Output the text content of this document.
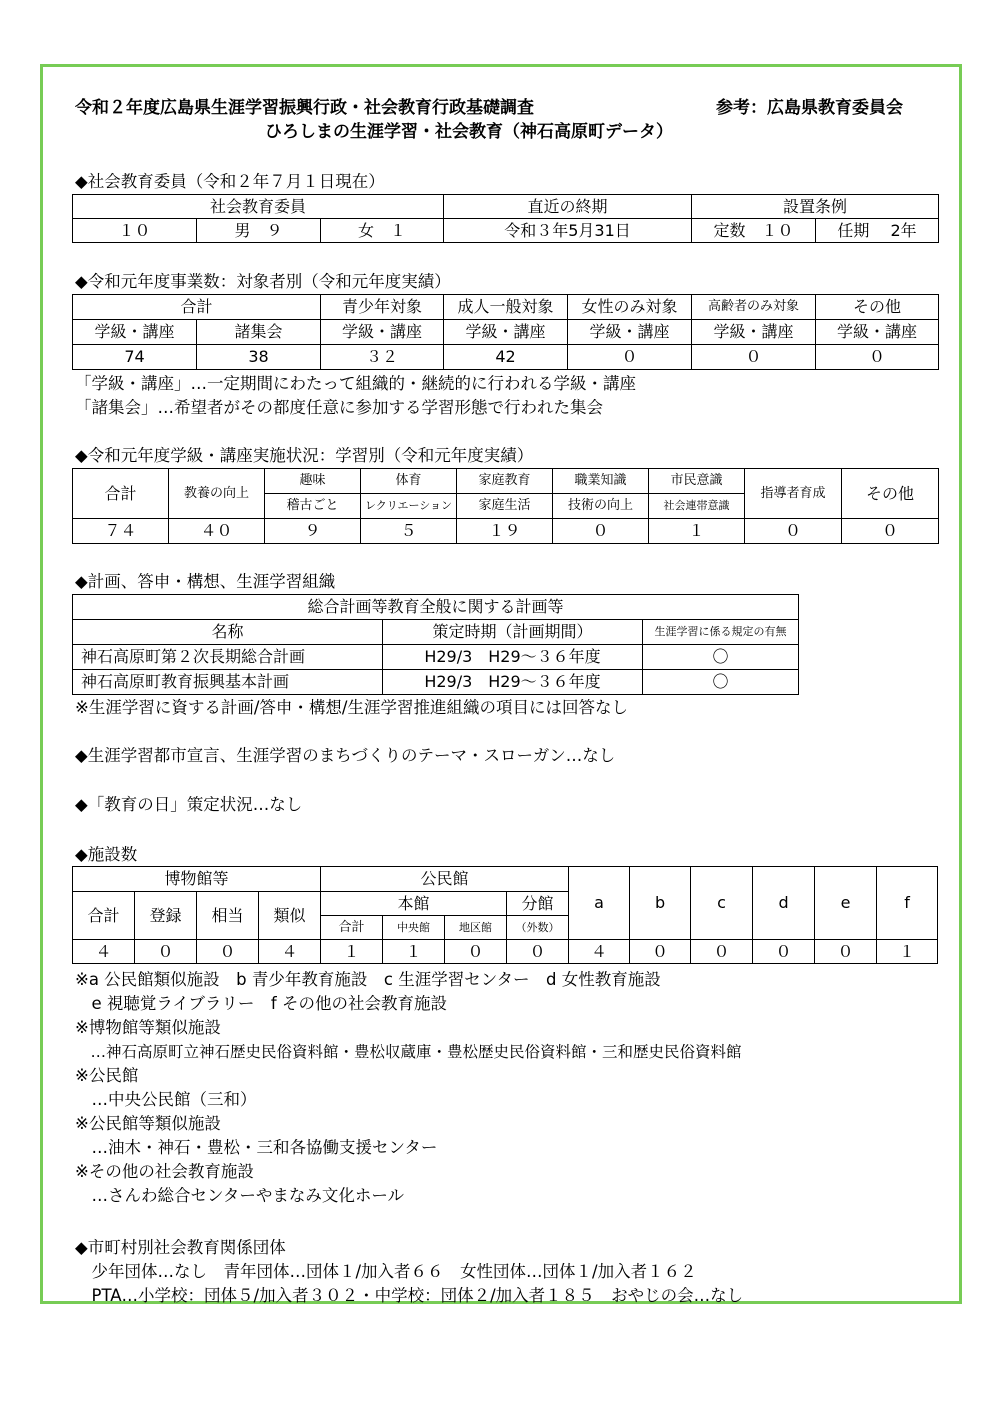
令和２年度広島県生涯学習振興行政・社会教育行政基礎調査	参考：広島県教育委員会
ひろしまの生涯学習・社会教育（神石高原町データ）
◆社会教育委員（令和２年７月１日現在）
社会教育委員			直近の終期	設置条例	
１０	男　９	女　１	令和３年5月31日	定数　１０	任期　 2年
◆令和元年度事業数：対象者別（令和元年度実績）
合計		青少年対象	成人一般対象	女性のみ対象	高齢者のみ対象	その他
学級・講座	諸集会	学級・講座	学級・講座	学級・講座	学級・講座	学級・講座
74	38	３２	42	０	０	０
「学級・講座」…一定期間にわたって組織的・継続的に行われる学級・講座
「諸集会」…希望者がその都度任意に参加する学習形態で行われた集会
◆令和元年度学級・講座実施状況：学習別（令和元年度実績）
合計	教養の向上	趣味	体育	家庭教育	職業知識	市民意識	指導者育成	その他
		稽古ごと	レクリエーション	家庭生活	技術の向上	社会連帯意識		
７４	４０	９	５	１９	０	１	０	０
◆計画、答申・構想、生涯学習組織
総合計画等教育全般に関する計画等		
名称	策定時期（計画期間）	生涯学習に係る規定の有無
神石高原町第２次長期総合計画	H29/3　H29～３６年度	〇
神石高原町教育振興基本計画	H29/3　H29～３６年度	〇
※生涯学習に資する計画/答申・構想/生涯学習推進組織の項目には回答なし
◆生涯学習都市宣言、生涯学習のまちづくりのテーマ・スローガン…なし
◆「教育の日」策定状況…なし
◆施設数
博物館等				公民館				a	b	c	d	e	f
合計	登録	相当	類似	本館			分館						
				合計	中央館	地区館	（外数）						
４	０	０	４	１	１	０	０	４	０	０	０	０	１
※a 公民館類似施設　b 青少年教育施設　c 生涯学習センター　d 女性教育施設
　e 視聴覚ライブラリー　f その他の社会教育施設
※博物館等類似施設
　…神石高原町立神石歴史民俗資料館・豊松収蔵庫・豊松歴史民俗資料館・三和歴史民俗資料館
※公民館
　…中央公民館（三和）
※公民館等類似施設
　…油木・神石・豊松・三和各協働支援センター
※その他の社会教育施設
　…さんわ総合センターやまなみ文化ホール
◆市町村別社会教育関係団体
　少年団体…なし　青年団体…団体１/加入者６６　女性団体…団体１/加入者１６２
　PTA…小学校：団体５/加入者３０２・中学校：団体２/加入者１８５　おやじの会…なし
